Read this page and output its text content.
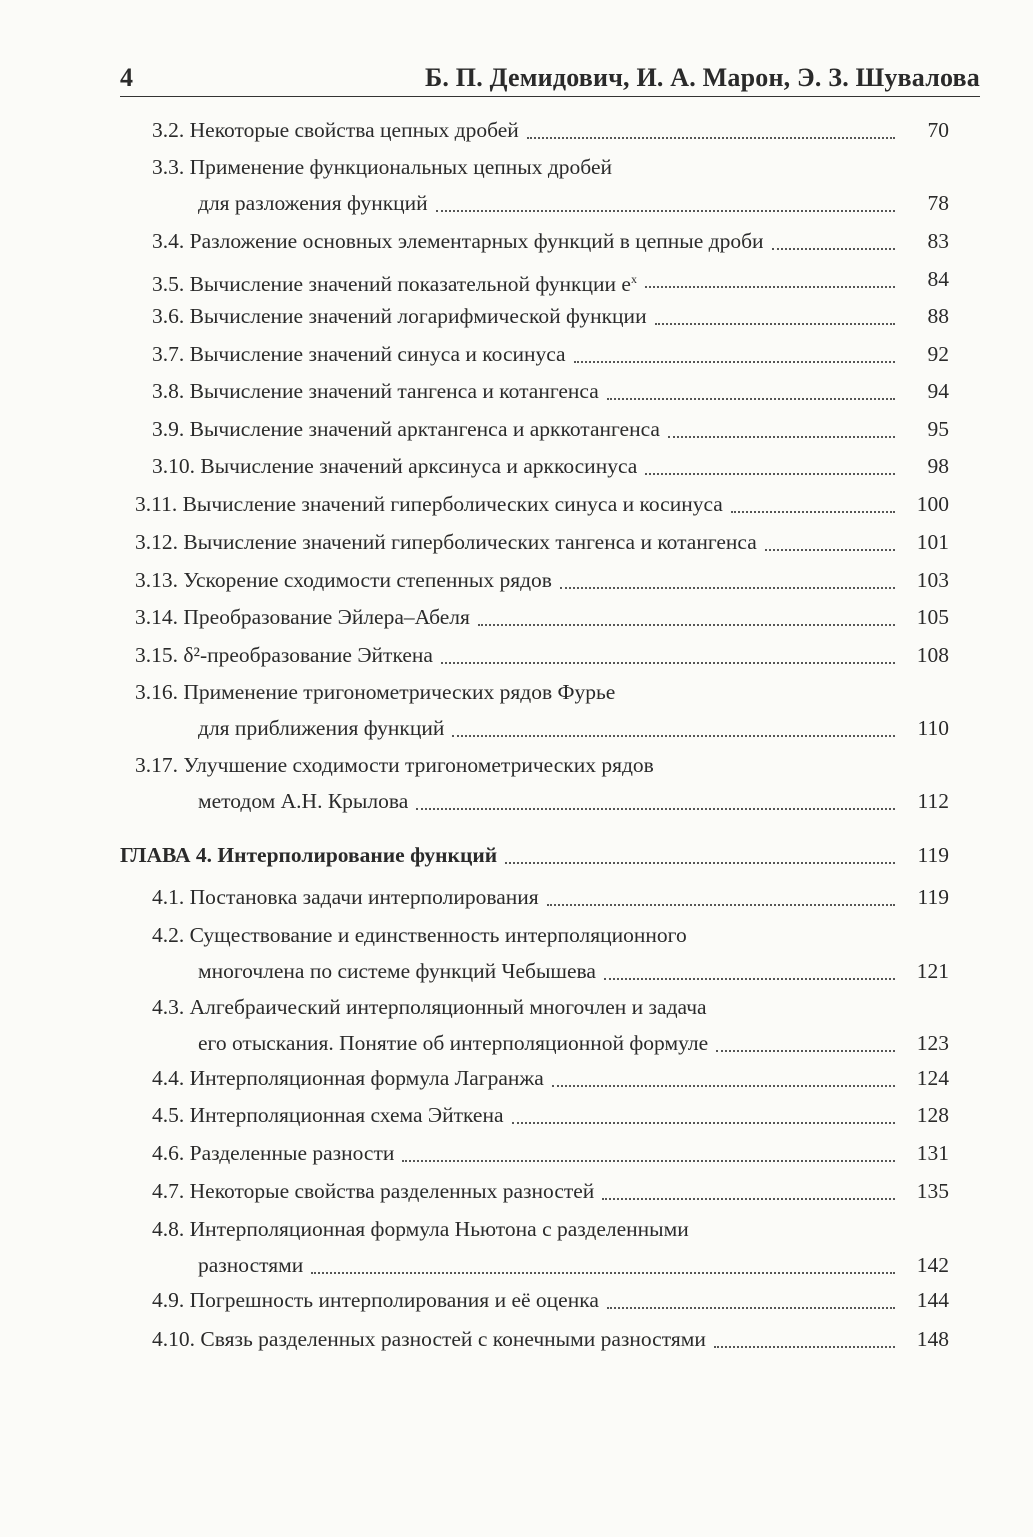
4	Б. П. Демидович, И. А. Марон, Э. З. Шувалова
3.2. Некоторые свойства цепных дробей	70
3.3. Применение функциональных цепных дробей
для разложения функций	78
3.4. Разложение основных элементарных функций в цепные дроби	83
3.5. Вычисление значений показательной функции $e^x$	84
3.6. Вычисление значений логарифмической функции	88
3.7. Вычисление значений синуса и косинуса	92
3.8. Вычисление значений тангенса и котангенса	94
3.9. Вычисление значений арктангенса и арккотангенса	95
3.10. Вычисление значений арксинуса и арккосинуса	98
3.11. Вычисление значений гиперболических синуса и косинуса	100
3.12. Вычисление значений гиперболических тангенса и котангенса	101
3.13. Ускорение сходимости степенных рядов	103
3.14. Преобразование Эйлера–Абеля	105
3.15. δ²-преобразование Эйткена	108
3.16. Применение тригонометрических рядов Фурье
для приближения функций	110
3.17. Улучшение сходимости тригонометрических рядов
методом А.Н. Крылова	112
ГЛАВА 4. Интерполирование функций	119
4.1. Постановка задачи интерполирования	119
4.2. Существование и единственность интерполяционного
многочлена по системе функций Чебышева	121
4.3. Алгебраический интерполяционный многочлен и задача
его отыскания. Понятие об интерполяционной формуле	123
4.4. Интерполяционная формула Лагранжа	124
4.5. Интерполяционная схема Эйткена	128
4.6. Разделенные разности	131
4.7. Некоторые свойства разделенных разностей	135
4.8. Интерполяционная формула Ньютона с разделенными
разностями	142
4.9. Погрешность интерполирования и её оценка	144
4.10. Связь разделенных разностей с конечными разностями	148
